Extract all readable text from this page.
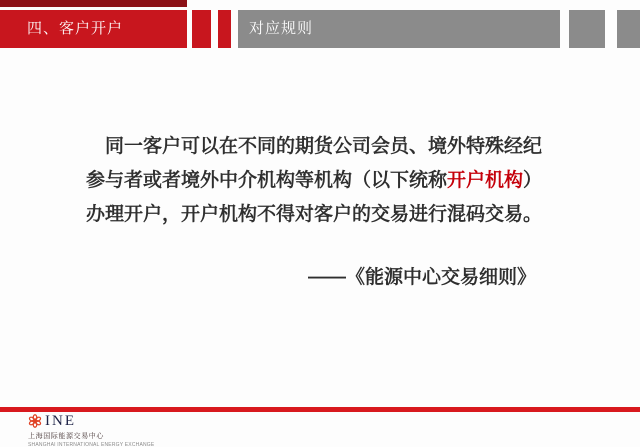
四、客户开户	对应规则
同一客户可以在不同的期货公司会员、境外特殊经纪
参与者或者境外中介机构等机构（以下统称开户机构）
办理开户，开户机构不得对客户的交易进行混码交易。
——《能源中心交易细则》
INE
上海国际能源交易中心
SHANGHAI INTERNATIONAL ENERGY EXCHANGE
